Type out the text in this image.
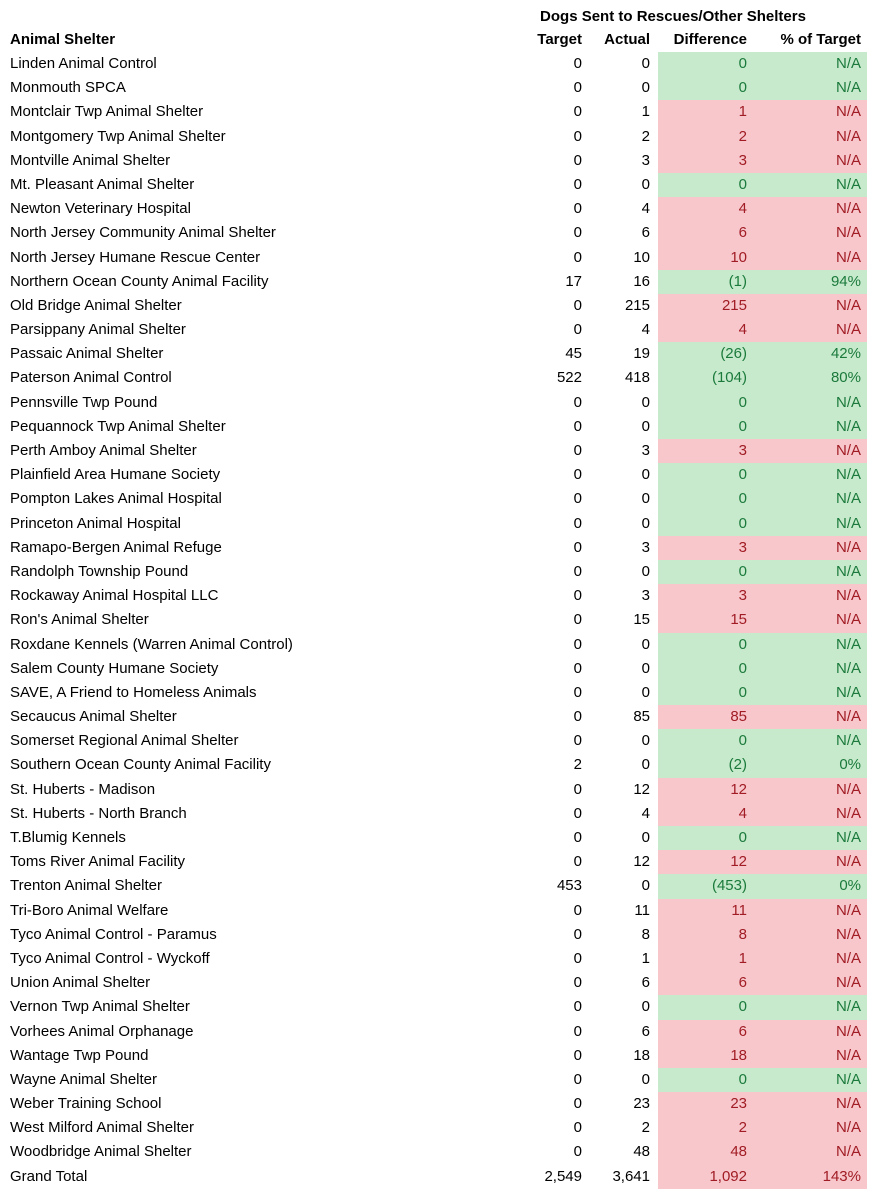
Dogs Sent to Rescues/Other Shelters
Animal Shelter	Target	Actual	Difference	% of Target
Linden Animal Control	0	0	0	N/A
Monmouth SPCA	0	0	0	N/A
Montclair Twp Animal Shelter	0	1	1	N/A
Montgomery Twp Animal Shelter	0	2	2	N/A
Montville Animal Shelter	0	3	3	N/A
Mt. Pleasant Animal Shelter	0	0	0	N/A
Newton Veterinary Hospital	0	4	4	N/A
North Jersey Community Animal Shelter	0	6	6	N/A
North Jersey Humane Rescue Center	0	10	10	N/A
Northern Ocean County Animal Facility	17	16	(1)	94%
Old Bridge Animal Shelter	0	215	215	N/A
Parsippany Animal Shelter	0	4	4	N/A
Passaic Animal Shelter	45	19	(26)	42%
Paterson Animal Control	522	418	(104)	80%
Pennsville Twp Pound	0	0	0	N/A
Pequannock Twp Animal Shelter	0	0	0	N/A
Perth Amboy Animal Shelter	0	3	3	N/A
Plainfield Area Humane Society	0	0	0	N/A
Pompton Lakes Animal Hospital	0	0	0	N/A
Princeton Animal Hospital	0	0	0	N/A
Ramapo-Bergen Animal Refuge	0	3	3	N/A
Randolph Township Pound	0	0	0	N/A
Rockaway Animal Hospital LLC	0	3	3	N/A
Ron's Animal Shelter	0	15	15	N/A
Roxdane Kennels (Warren Animal Control)	0	0	0	N/A
Salem County Humane Society	0	0	0	N/A
SAVE, A Friend to Homeless Animals	0	0	0	N/A
Secaucus Animal Shelter	0	85	85	N/A
Somerset Regional Animal Shelter	0	0	0	N/A
Southern Ocean County Animal Facility	2	0	(2)	0%
St. Huberts - Madison	0	12	12	N/A
St. Huberts - North Branch	0	4	4	N/A
T.Blumig Kennels	0	0	0	N/A
Toms River Animal Facility	0	12	12	N/A
Trenton Animal Shelter	453	0	(453)	0%
Tri-Boro Animal Welfare	0	11	11	N/A
Tyco Animal Control - Paramus	0	8	8	N/A
Tyco Animal Control - Wyckoff	0	1	1	N/A
Union Animal Shelter	0	6	6	N/A
Vernon Twp Animal Shelter	0	0	0	N/A
Vorhees Animal Orphanage	0	6	6	N/A
Wantage Twp Pound	0	18	18	N/A
Wayne Animal Shelter	0	0	0	N/A
Weber Training School	0	23	23	N/A
West Milford Animal Shelter	0	2	2	N/A
Woodbridge Animal Shelter	0	48	48	N/A
Grand Total	2,549	3,641	1,092	143%
